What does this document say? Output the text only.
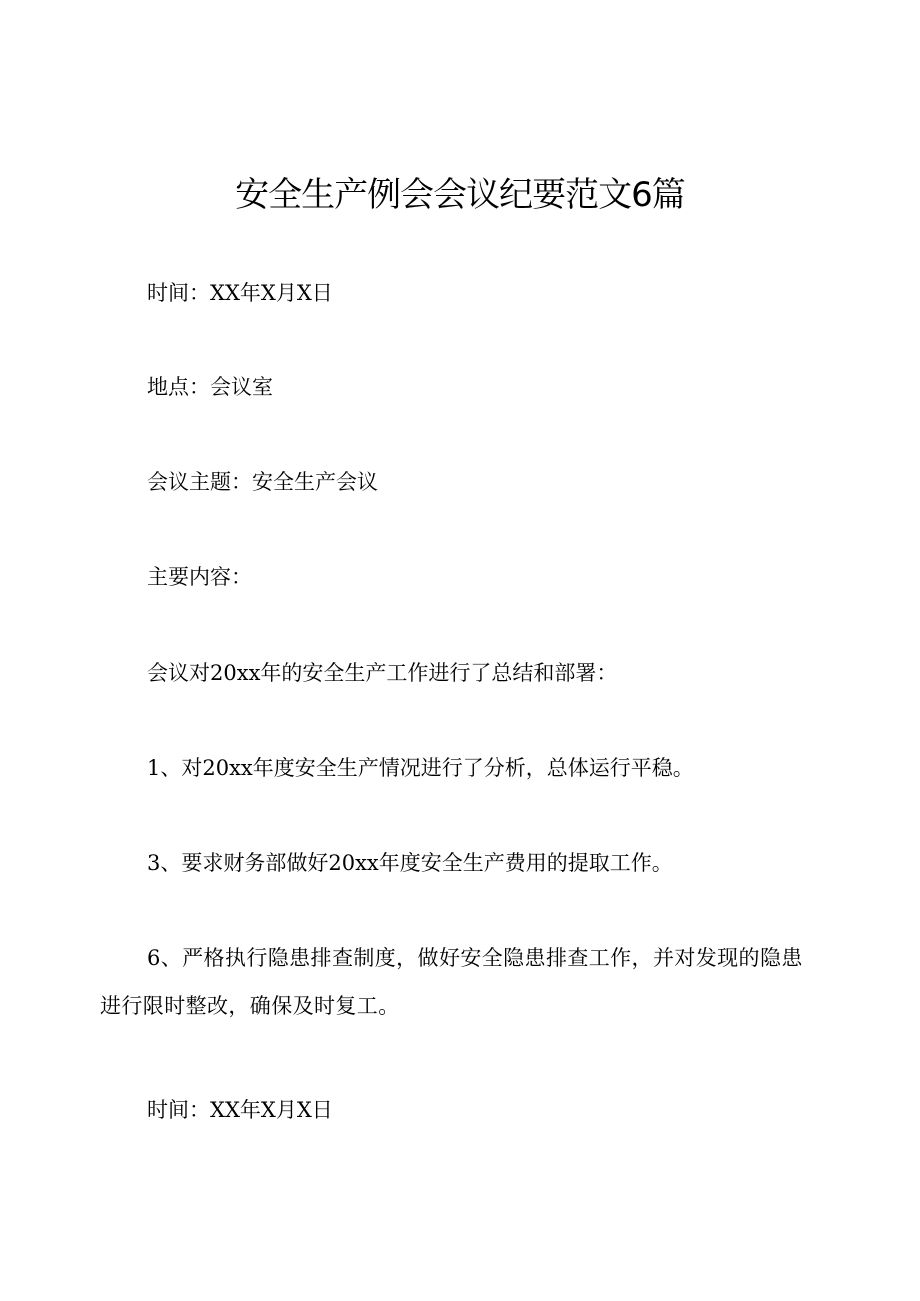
安全生产例会会议纪要范文6篇
时间：XX年X月X日
地点：会议室
会议主题：安全生产会议
主要内容：
会议对20xx年的安全生产工作进行了总结和部署：
1、对20xx年度安全生产情况进行了分析，总体运行平稳。
3、要求财务部做好20xx年度安全生产费用的提取工作。
6、严格执行隐患排查制度，做好安全隐患排查工作，并对发现的隐患进行限时整改，确保及时复工。
时间：XX年X月X日
